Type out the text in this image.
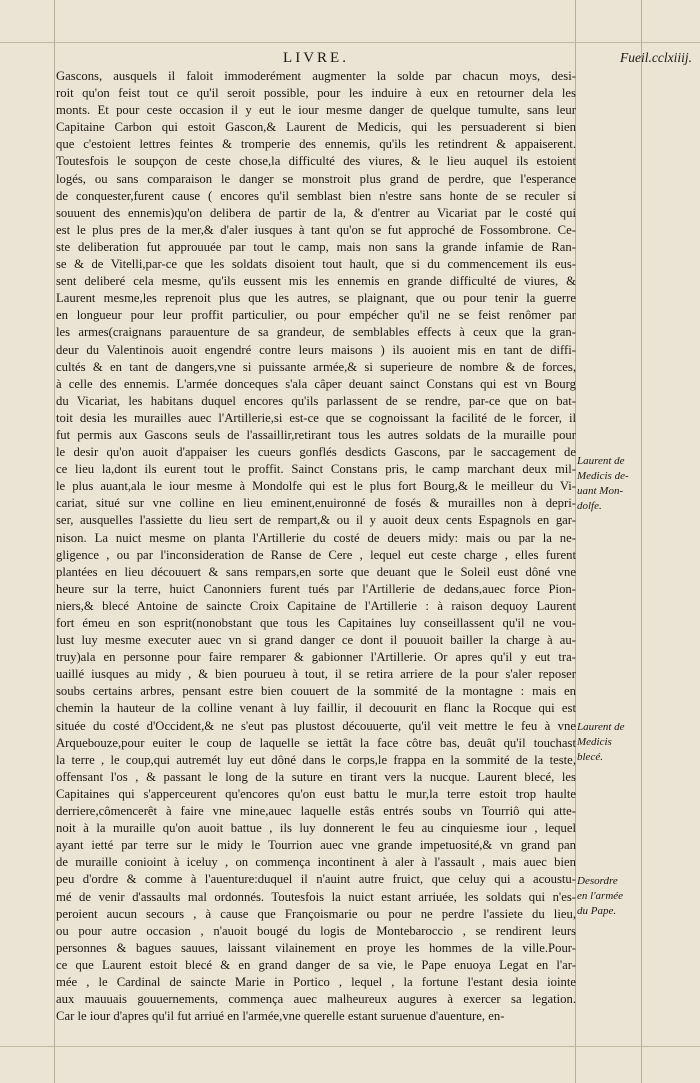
LIVRE.	Fueil.cclxiiij.
Gascons, ausquels il faloit immoderément augmenter la solde par chacun moys, desi-
roit qu'on feist tout ce qu'il seroit possible, pour les induire à eux en retourner dela les
monts. Et pour ceste occasion il y eut le iour mesme danger de quelque tumulte, sans leur
Capitaine Carbon qui estoit Gascon,& Laurent de Medicis, qui les persuaderent si bien
que c'estoient lettres feintes & tromperie des ennemis, qu'ils les retindrent & appaiserent.
Toutesfois le soupçon de ceste chose,la difficulté des viures, & le lieu auquel ils estoient
logés, ou sans comparaison le danger se monstroit plus grand de perdre, que l'esperance
de conquester,furent cause ( encores qu'il semblast bien n'estre sans honte de se reculer si
souuent des ennemis)qu'on delibera de partir de la, & d'entrer au Vicariat par le costé qui
est le plus pres de la mer,& d'aler iusques à tant qu'on se fut approché de Fossombrone. Ce-
ste deliberation fut approuuée par tout le camp, mais non sans la grande infamie de Ran-
se & de Vitelli,par-ce que les soldats disoient tout hault, que si du commencement ils eus-
sent deliberé cela mesme, qu'ils eussent mis les ennemis en grande difficulté de viures, &
Laurent mesme,les reprenoit plus que les autres, se plaignant, que ou pour tenir la guerre
en longueur pour leur proffit particulier, ou pour empécher qu'il ne se feist renômer par
les armes(craignans parauenture de sa grandeur, de semblables effects à ceux que la gran-
deur du Valentinois auoit engendré contre leurs maisons ) ils auoient mis en tant de diffi-
cultés & en tant de dangers,vne si puissante armée,& si superieure de nombre & de forces,
à celle des ennemis. L'armée donceques s'ala câper deuant sainct Constans qui est vn Bourg
du Vicariat, les habitans duquel encores qu'ils parlassent de se rendre, par-ce que on bat-
toit desia les murailles auec l'Artillerie,si est-ce que se cognoissant la facilité de le forcer, il
fut permis aux Gascons seuls de l'assaillir,retirant tous les autres soldats de la muraille pour
le desir qu'on auoit d'appaiser les cueurs gonflés desdicts Gascons, par le saccagement de
ce lieu la,dont ils eurent tout le proffit. Sainct Constans pris, le camp marchant deux mil-
le plus auant,ala le iour mesme à Mondolfe qui est le plus fort Bourg,& le meilleur du Vi-
cariat, situé sur vne colline en lieu eminent,enuironné de fosés & murailles non à depri-
ser, ausquelles l'assiette du lieu sert de rempart,& ou il y auoit deux cents Espagnols en gar-
nison. La nuict mesme on planta l'Artillerie du costé de deuers midy: mais ou par la ne-
gligence , ou par l'inconsideration de Ranse de Cere , lequel eut ceste charge , elles furent
plantées en lieu découuert & sans rempars,en sorte que deuant que le Soleil eust dôné vne
heure sur la terre, huict Canonniers furent tués par l'Artillerie de dedans,auec force Pion-
niers,& blecé Antoine de saincte Croix Capitaine de l'Artillerie : à raison dequoy Laurent
fort émeu en son esprit(nonobstant que tous les Capitaines luy conseillassent qu'il ne vou-
lust luy mesme executer auec vn si grand danger ce dont il pouuoit bailler la charge à au-
truy)ala en personne pour faire remparer & gabionner l'Artillerie. Or apres qu'il y eut tra-
uaillé iusques au midy , & bien pourueu à tout, il se retira arriere de la pour s'aler reposer
soubs certains arbres, pensant estre bien couuert de la sommité de la montagne : mais en
chemin la hauteur de la colline venant à luy faillir, il decouurit en flanc la Rocque qui est
située du costé d'Occident,& ne s'eut pas plustost découuerte, qu'il veit mettre le feu à vne
Arquebouze,pour euiter le coup de laquelle se iettât la face côtre bas, deuât qu'il touchast
la terre , le coup,qui autremét luy eut dôné dans le corps,le frappa en la sommité de la teste,
offensant l'os , & passant le long de la suture en tirant vers la nucque. Laurent blecé, les
Capitaines qui s'apperceurent qu'encores qu'on eust battu le mur,la terre estoit trop haulte
derriere,cômencerêt à faire vne mine,auec laquelle estâs entrés soubs vn Tourriô qui atte-
noit à la muraille qu'on auoit battue , ils luy donnerent le feu au cinquiesme iour , lequel
ayant ietté par terre sur le midy le Tourrion auec vne grande impetuosité,& vn grand pan
de muraille conioint à iceluy , on commença incontinent à aler à l'assault , mais auec bien
peu d'ordre & comme à l'auenture:duquel il n'auint autre fruict, que celuy qui a acoustu-
mé de venir d'assaults mal ordonnés. Toutesfois la nuict estant arriuée, les soldats qui n'es-
peroient aucun secours , à cause que Françoismarie ou pour ne perdre l'assiete du lieu,
ou pour autre occasion , n'auoit bougé du logis de Montebaroccio , se rendirent leurs
personnes & bagues sauues, laissant vilainement en proye les hommes de la ville.Pour-
ce que Laurent estoit blecé & en grand danger de sa vie, le Pape enuoya Legat en l'ar-
mée , le Cardinal de saincte Marie in Portico , lequel , la fortune l'estant desia iointe
aux mauuais gouuernements, commença auec malheureux augures à exercer sa legation.
Car le iour d'apres qu'il fut arriué en l'armée,vne querelle estant suruenue d'auenture, en-
Laurent de
Medicis de-
uant Mon-
dolfe.
Laurent de
Medicis
blecé.
Desordre
en l'armée
du Pape.
